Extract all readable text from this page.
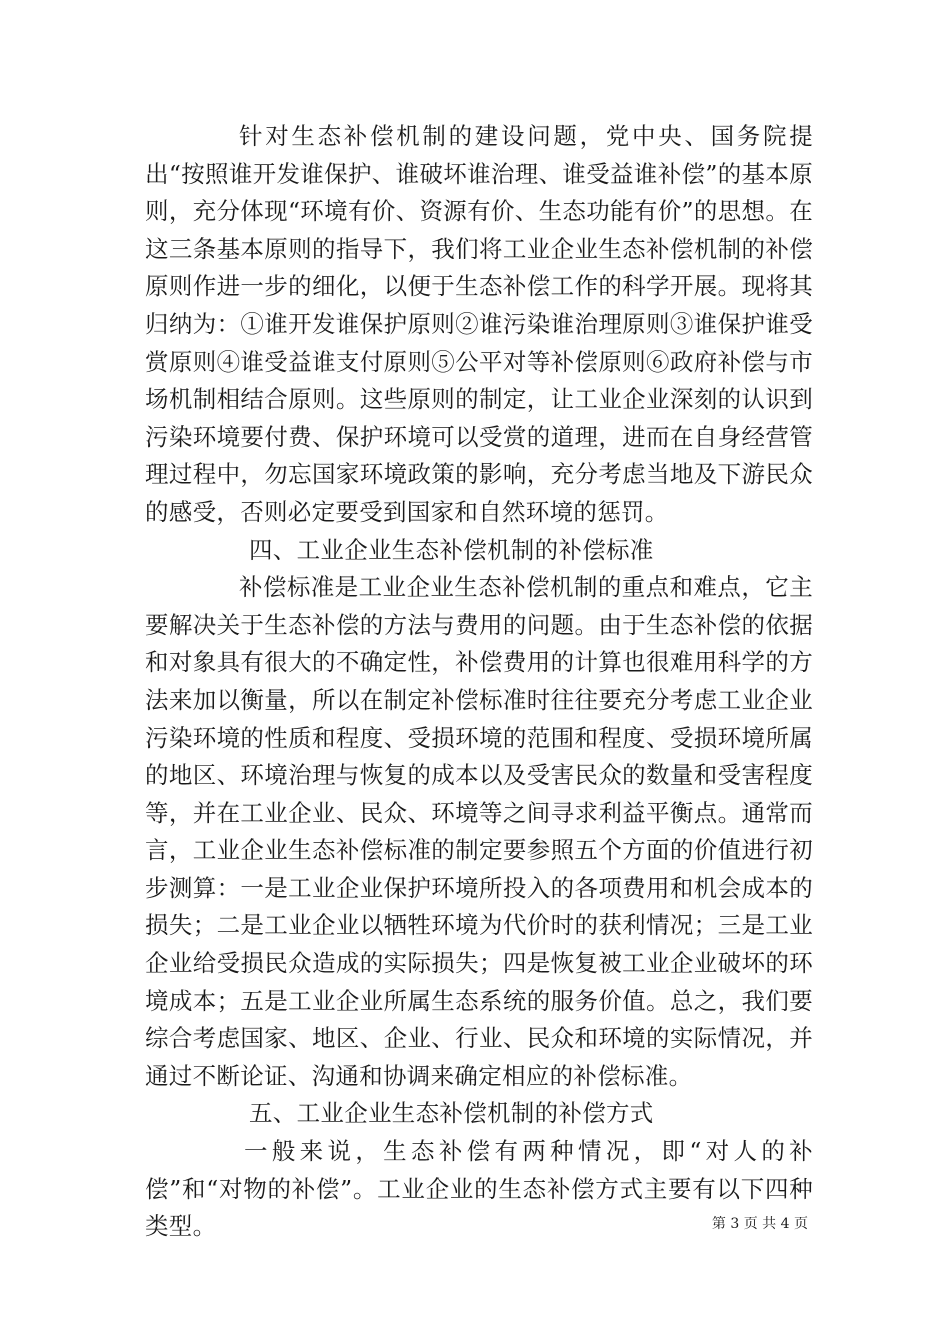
针对生态补偿机制的建设问题，党中央、国务院提出“按照谁开发谁保护、谁破坏谁治理、谁受益谁补偿”的基本原则，充分体现“环境有价、资源有价、生态功能有价”的思想。在这三条基本原则的指导下，我们将工业企业生态补偿机制的补偿原则作进一步的细化，以便于生态补偿工作的科学开展。现将其归纳为：①谁开发谁保护原则②谁污染谁治理原则③谁保护谁受赏原则④谁受益谁支付原则⑤公平对等补偿原则⑥政府补偿与市场机制相结合原则。这些原则的制定，让工业企业深刻的认识到污染环境要付费、保护环境可以受赏的道理，进而在自身经营管理过程中，勿忘国家环境政策的影响，充分考虑当地及下游民众的感受，否则必定要受到国家和自然环境的惩罚。

四、工业企业生态补偿机制的补偿标准

补偿标准是工业企业生态补偿机制的重点和难点，它主要解决关于生态补偿的方法与费用的问题。由于生态补偿的依据和对象具有很大的不确定性，补偿费用的计算也很难用科学的方法来加以衡量，所以在制定补偿标准时往往要充分考虑工业企业污染环境的性质和程度、受损环境的范围和程度、受损环境所属的地区、环境治理与恢复的成本以及受害民众的数量和受害程度等，并在工业企业、民众、环境等之间寻求利益平衡点。通常而言，工业企业生态补偿标准的制定要参照五个方面的价值进行初步测算：一是工业企业保护环境所投入的各项费用和机会成本的损失；二是工业企业以牺牲环境为代价时的获利情况；三是工业企业给受损民众造成的实际损失；四是恢复被工业企业破坏的环境成本；五是工业企业所属生态系统的服务价值。总之，我们要综合考虑国家、地区、企业、行业、民众和环境的实际情况，并通过不断论证、沟通和协调来确定相应的补偿标准。

五、工业企业生态补偿机制的补偿方式

一般来说，生态补偿有两种情况，即“对人的补偿”和“对物的补偿”。工业企业的生态补偿方式主要有以下四种类型。	第 3 页 共 4 页
